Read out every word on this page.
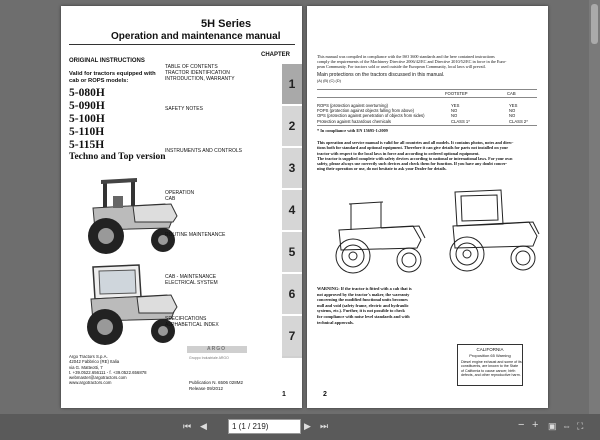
5H Series
Operation and maintenance manual
CHAPTER
ORIGINAL INSTRUCTIONS
Valid for tractors equipped with
cab or ROPS models:
5-080H
5-090H
5-100H
5-110H
5-115H
Techno and Top version
Argo Tractors S.p.A.
42042 Fabbrico (RE) Italia
via G. Matteotti, 7
t. +39.0522.656111 - f. +39.0522.656878
webmaster@argotractors.com
www.argotractors.com
ARGO
Gruppo Industriale ARGO
Publication N. 6506 028M2
Release 09/2012
1
1
TABLE OF CONTENTS
TRACTOR IDENTIFICATION
INTRODUCTION, WARRANTY
2
SAFETY NOTES
3
INSTRUMENTS AND CONTROLS
4
OPERATION
CAB
5
ROUTINE MAINTENANCE
6
CAB - MAINTENANCE
ELECTRICAL SYSTEM
7
SPECIFICATIONS
ALPHABETICAL INDEX
This manual was compiled in compliance with the ISO 3600 standards and the here contained instructions
comply the requirements of the Machinery Directive 2006/42/EC and Directive 2010/52/EC in force in the Euro-
pean Community. For tractors sold or used outside the European Community, local laws will prevail.
Main protections on the tractors discussed in this manual.
(A) (B) (C) (D)
FOOTSTEP	CAB
ROPS (protection against overturning)	YES	YES
FOPS (protection against objects falling from above)	NO	NO
OPS (protection against penetration of objects from sides)	NO	NO
Protection against hazardous chemicals	CLASS 1*	CLASS 2*
* In compliance with EN 15695-1:2009
This operation and service manual is valid for all countries and all models. It contains photos, notes and direc-
tions both for standard and optional equipment. Therefore it can give details for parts not installed on your
tractor with respect to the local laws in force and according to ordered optional equipment.
The tractor is supplied complete with safety devices according to national or international laws. For your own
safety, please always use correctly such devices and check them for function. If you have any doubt concer-
ning their operation or use, do not hesitate to ask your Dealer for details.
WARNING: If the tractor is fitted with a cab that is
not approved by the tractor's maker, the warranty
concerning the modified functional units becomes
null and void (safety frame, electric and hydraulic
systems, etc.). Further, it is not possible to check
for compliance with noise level standards and with
technical approvals.
CALIFORNIA
Proposition 65 Warning
Diesel engine exhaust and some of its
constituents, are known to the State
of California to cause cancer, birth
defects, and other reproductive harm.
2
⏮ ◀	1 (1 / 219)	▶ ⏭	− + ▣ ⇔ ⛶
